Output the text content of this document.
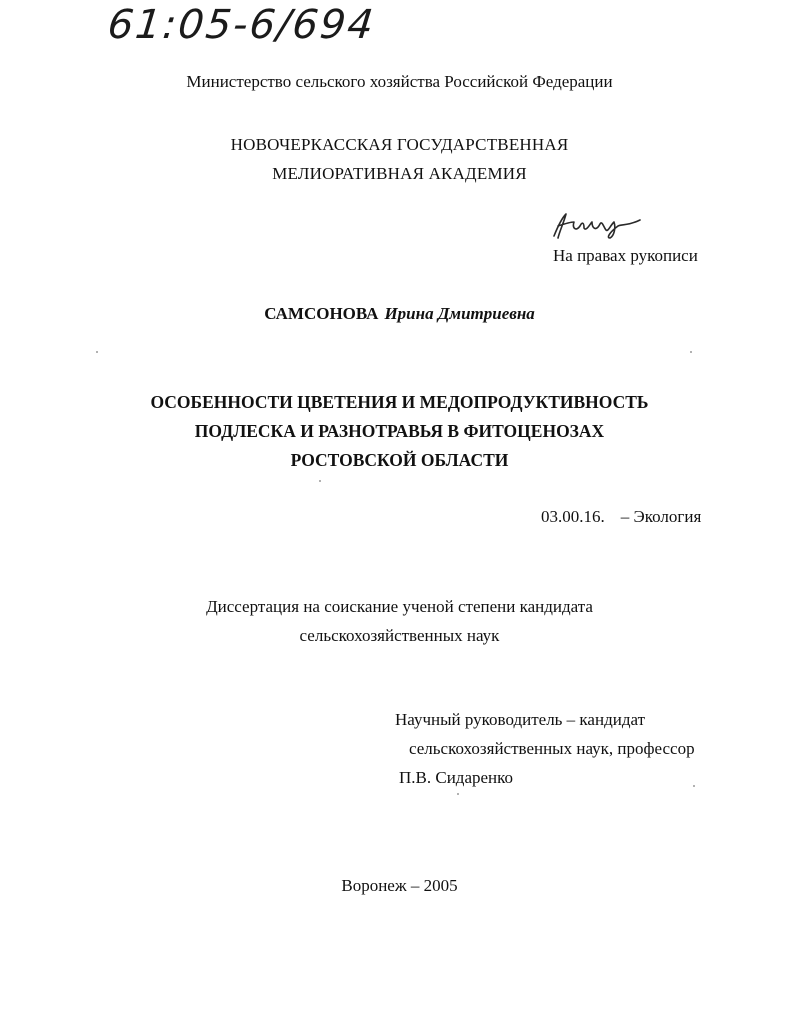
61:05-6/694
Министерство сельского хозяйства Российской Федерации
НОВОЧЕРКАССКАЯ ГОСУДАРСТВЕННАЯ
МЕЛИОРАТИВНАЯ АКАДЕМИЯ
На правах рукописи
САМСОНОВА Ирина Дмитриевна
ОСОБЕННОСТИ ЦВЕТЕНИЯ И МЕДОПРОДУКТИВНОСТЬ
ПОДЛЕСКА И РАЗНОТРАВЬЯ В ФИТОЦЕНОЗАХ
РОСТОВСКОЙ ОБЛАСТИ
03.00.16. – Экология
Диссертация на соискание ученой степени кандидата
сельскохозяйственных наук
Научный руководитель – кандидат
сельскохозяйственных наук, профессор
П.В. Сидаренко
Воронеж – 2005
